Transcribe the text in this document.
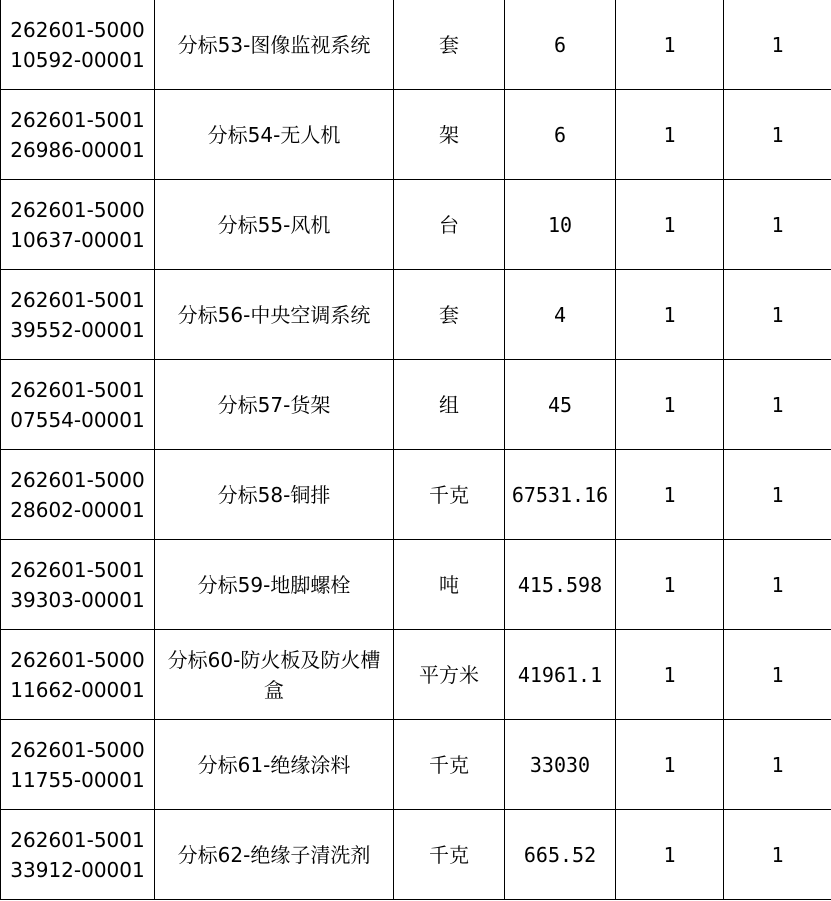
262601-500010592-00001	分标53-图像监视系统	套	6	1	1

262601-500126986-00001	分标54-无人机	架	6	1	1

262601-500010637-00001	分标55-风机	台	10	1	1

262601-500139552-00001	分标56-中央空调系统	套	4	1	1

262601-500107554-00001	分标57-货架	组	45	1	1

262601-500028602-00001	分标58-铜排	千克	67531.16	1	1

262601-500139303-00001	分标59-地脚螺栓	吨	415.598	1	1

262601-500011662-00001	分标60-防火板及防火槽盒	平方米	41961.1	1	1

262601-500011755-00001	分标61-绝缘涂料	千克	33030	1	1

262601-500133912-00001	分标62-绝缘子清洗剂	千克	665.52	1	1
